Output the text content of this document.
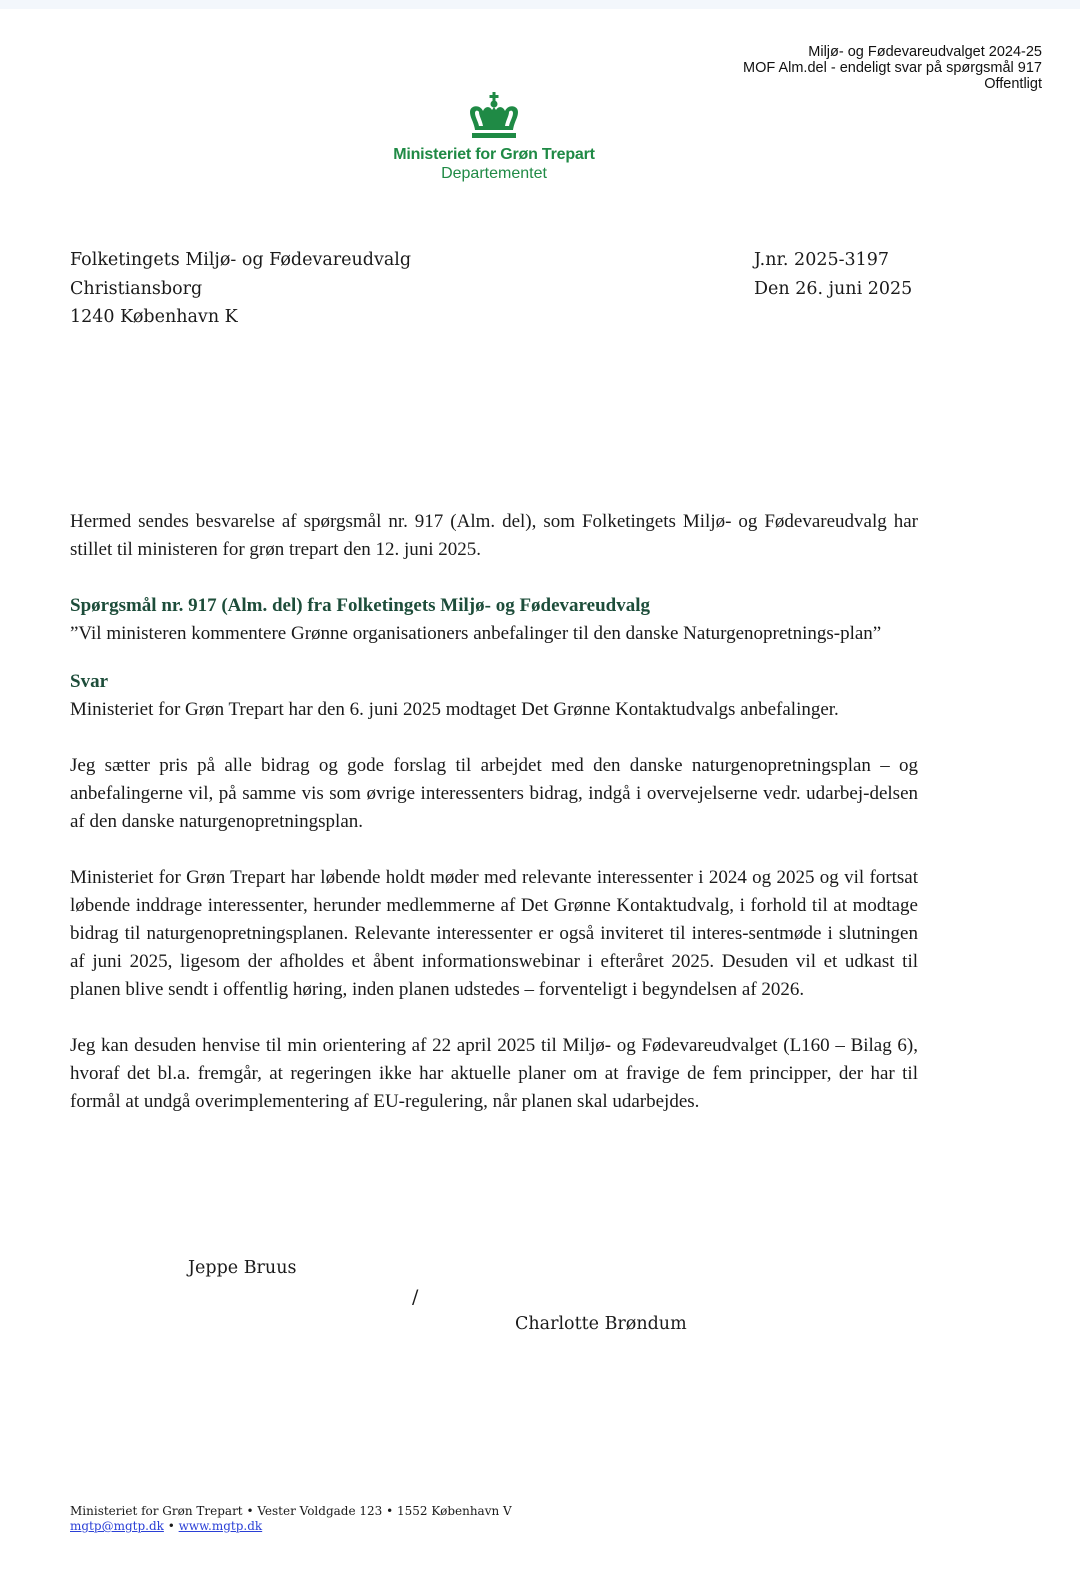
Miljø- og Fødevareudvalget 2024-25
MOF Alm.del - endeligt svar på spørgsmål 917
Offentligt
Ministeriet for Grøn Trepart
Departementet
Folketingets Miljø- og Fødevareudvalg
Christiansborg
1240 København K
J.nr. 2025-3197
Den 26. juni 2025

Hermed sendes besvarelse af spørgsmål nr. 917 (Alm. del), som Folketingets Miljø- og Fødevareudvalg har stillet til ministeren for grøn trepart den 12. juni 2025.

Spørgsmål nr. 917 (Alm. del) fra Folketingets Miljø- og Fødevareudvalg

”Vil ministeren kommentere Grønne organisationers anbefalinger til den danske Naturgenopretnings-plan”

Svar

Ministeriet for Grøn Trepart har den 6. juni 2025 modtaget Det Grønne Kontaktudvalgs anbefalinger.

Jeg sætter pris på alle bidrag og gode forslag til arbejdet med den danske naturgenopretningsplan – og anbefalingerne vil, på samme vis som øvrige interessenters bidrag, indgå i overvejelserne vedr. udarbej-delsen af den danske naturgenopretningsplan.

Ministeriet for Grøn Trepart har løbende holdt møder med relevante interessenter i 2024 og 2025 og vil fortsat løbende inddrage interessenter, herunder medlemmerne af Det Grønne Kontaktudvalg, i forhold til at modtage bidrag til naturgenopretningsplanen. Relevante interessenter er også inviteret til interes-sentmøde i slutningen af juni 2025, ligesom der afholdes et åbent informationswebinar i efteråret 2025. Desuden vil et udkast til planen blive sendt i offentlig høring, inden planen udstedes – forventeligt i begyndelsen af 2026.

Jeg kan desuden henvise til min orientering af 22 april 2025 til Miljø- og Fødevareudvalget (L160 – Bilag 6), hvoraf det bl.a. fremgår, at regeringen ikke har aktuelle planer om at fravige de fem principper, der har til formål at undgå overimplementering af EU-regulering, når planen skal udarbejdes.

Jeppe Bruus
/
Charlotte Brøndum
Ministeriet for Grøn Trepart • Vester Voldgade 123 • 1552 København V
mgtp@mgtp.dk • www.mgtp.dk
